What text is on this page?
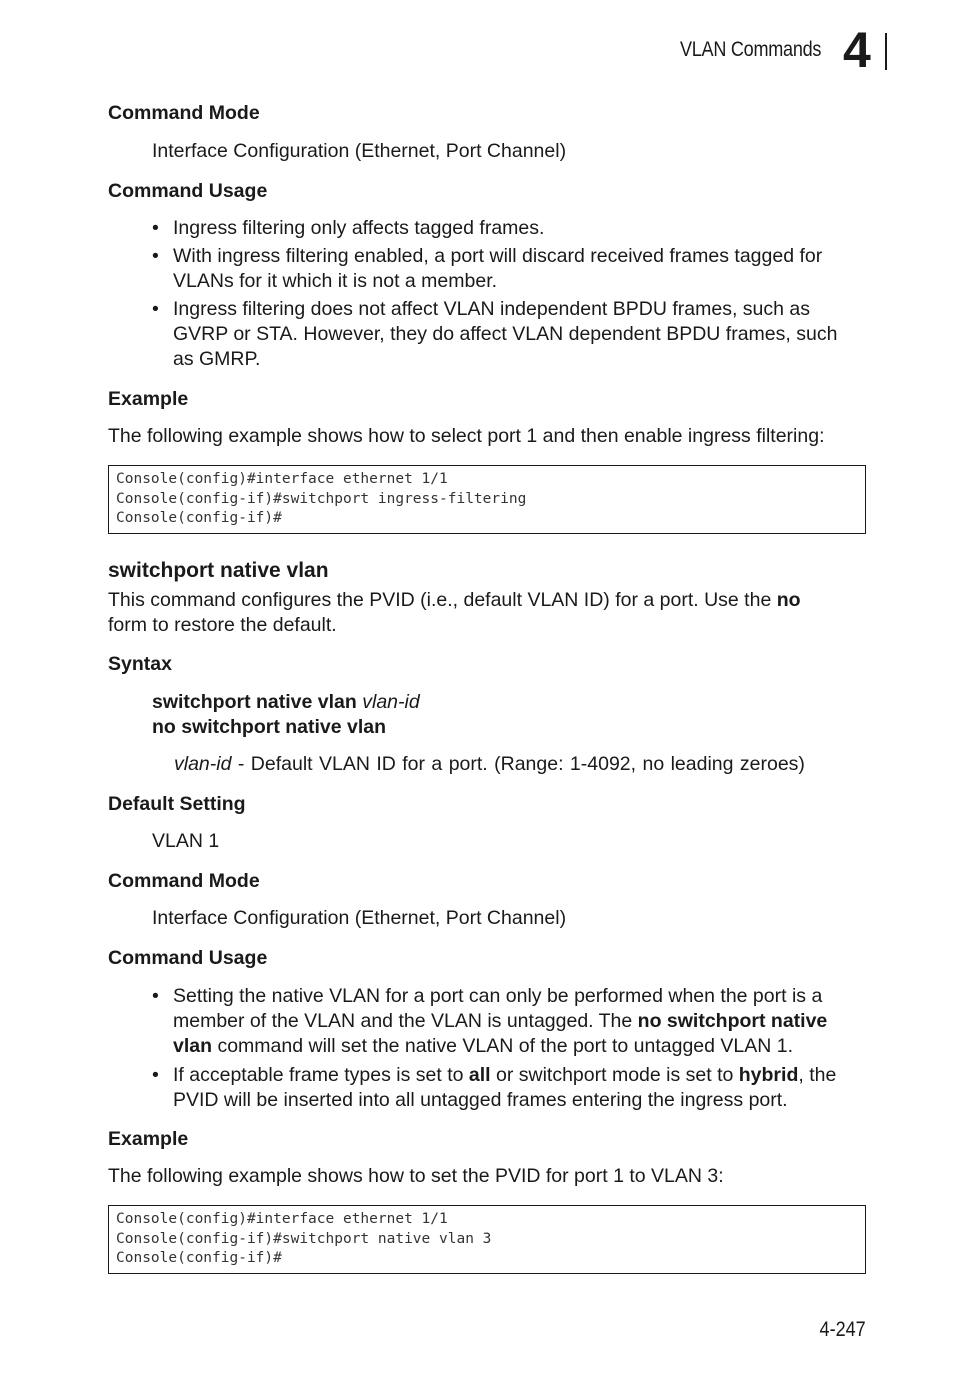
VLAN Commands 4
Command Mode
Interface Configuration (Ethernet, Port Channel)
Command Usage
• Ingress filtering only affects tagged frames.
• With ingress filtering enabled, a port will discard received frames tagged for
VLANs for it which it is not a member.
• Ingress filtering does not affect VLAN independent BPDU frames, such as
GVRP or STA. However, they do affect VLAN dependent BPDU frames, such
as GMRP.
Example
The following example shows how to select port 1 and then enable ingress filtering:
Console(config)#interface ethernet 1/1
Console(config-if)#switchport ingress-filtering
Console(config-if)#
switchport native vlan
This command configures the PVID (i.e., default VLAN ID) for a port. Use the no
form to restore the default.
Syntax
switchport native vlan vlan-id
no switchport native vlan
vlan-id - Default VLAN ID for a port. (Range: 1-4092, no leading zeroes)
Default Setting
VLAN 1
Command Mode
Interface Configuration (Ethernet, Port Channel)
Command Usage
• Setting the native VLAN for a port can only be performed when the port is a
member of the VLAN and the VLAN is untagged. The no switchport native
vlan command will set the native VLAN of the port to untagged VLAN 1.
• If acceptable frame types is set to all or switchport mode is set to hybrid, the
PVID will be inserted into all untagged frames entering the ingress port.
Example
The following example shows how to set the PVID for port 1 to VLAN 3:
Console(config)#interface ethernet 1/1
Console(config-if)#switchport native vlan 3
Console(config-if)#
4-247
